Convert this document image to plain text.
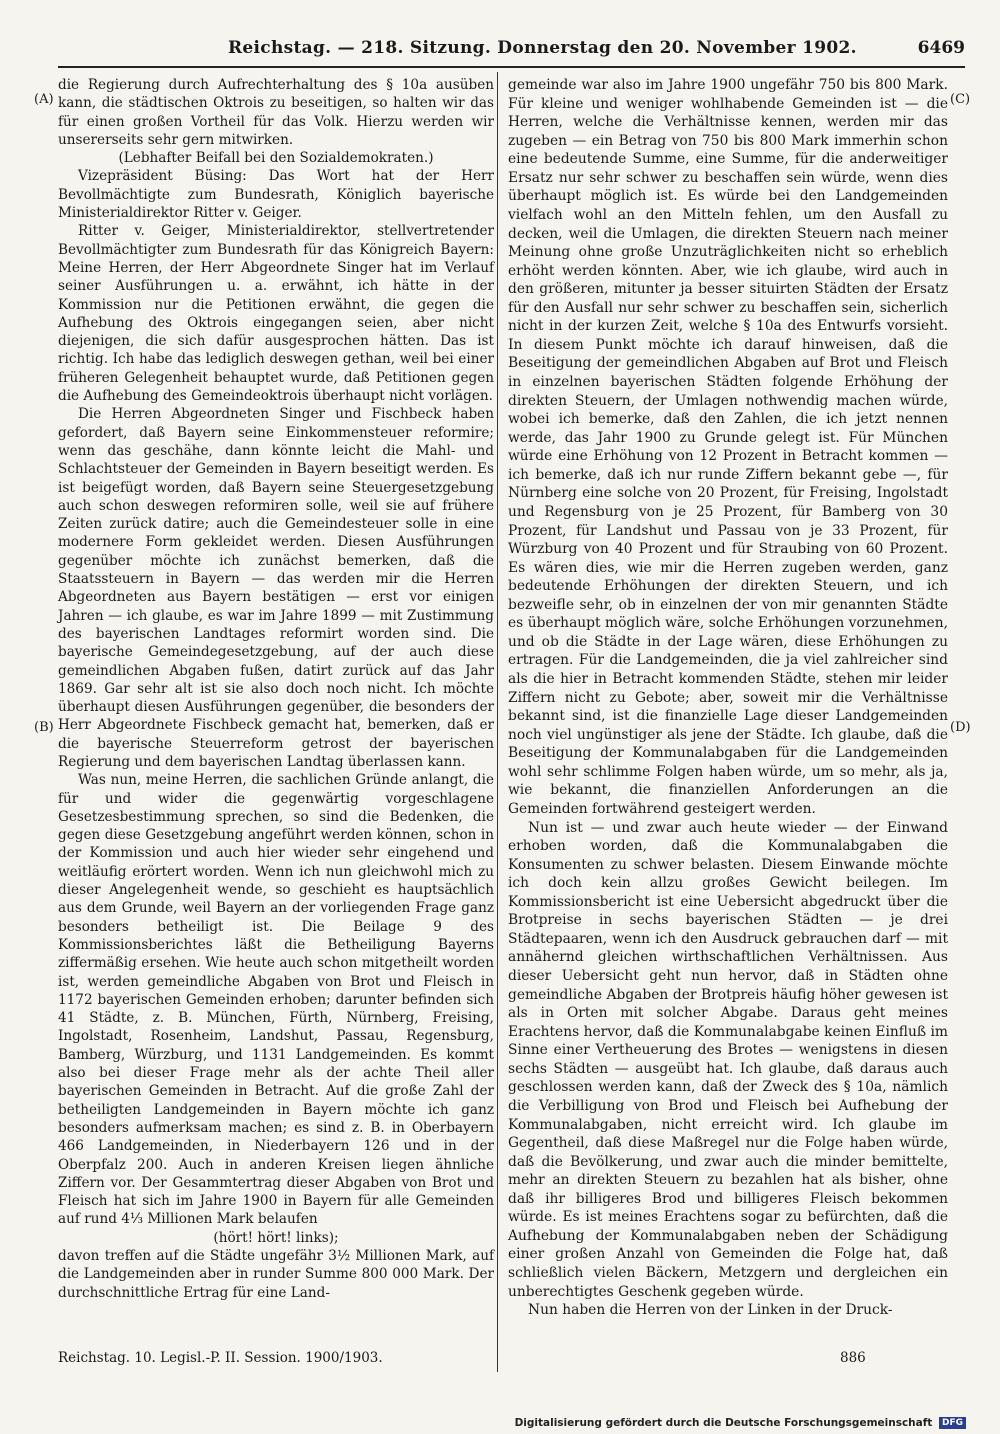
Reichstag. — 218. Sitzung. Donnerstag den 20. November 1902.	6469
(A)
(B)
(C)
(D)

die Regierung durch Aufrechterhaltung des § 10a ausüben kann, die städtischen Oktrois zu beseitigen, so halten wir das für einen großen Vortheil für das Volk. Hierzu werden wir unsererseits sehr gern mitwirken.

(Lebhafter Beifall bei den Sozialdemokraten.)

Vizepräsident Büsing: Das Wort hat der Herr Bevollmächtigte zum Bundesrath, Königlich bayerische Ministerialdirektor Ritter v. Geiger.

Ritter v. Geiger, Ministerialdirektor, stellvertretender Bevollmächtigter zum Bundesrath für das Königreich Bayern: Meine Herren, der Herr Abgeordnete Singer hat im Verlauf seiner Ausführungen u. a. erwähnt, ich hätte in der Kommission nur die Petitionen erwähnt, die gegen die Aufhebung des Oktrois eingegangen seien, aber nicht diejenigen, die sich dafür ausgesprochen hätten. Das ist richtig. Ich habe das lediglich deswegen gethan, weil bei einer früheren Gelegenheit behauptet wurde, daß Petitionen gegen die Aufhebung des Gemeindeoktrois überhaupt nicht vorlägen.

Die Herren Abgeordneten Singer und Fischbeck haben gefordert, daß Bayern seine Einkommensteuer reformire; wenn das geschähe, dann könnte leicht die Mahl- und Schlachtsteuer der Gemeinden in Bayern beseitigt werden. Es ist beigefügt worden, daß Bayern seine Steuergesetzgebung auch schon deswegen reformiren solle, weil sie auf frühere Zeiten zurück datire; auch die Gemeindesteuer solle in eine modernere Form gekleidet werden. Diesen Ausführungen gegenüber möchte ich zunächst bemerken, daß die Staatssteuern in Bayern — das werden mir die Herren Abgeordneten aus Bayern bestätigen — erst vor einigen Jahren — ich glaube, es war im Jahre 1899 — mit Zustimmung des bayerischen Landtages reformirt worden sind. Die bayerische Gemeindegesetzgebung, auf der auch diese gemeindlichen Abgaben fußen, datirt zurück auf das Jahr 1869. Gar sehr alt ist sie also doch noch nicht. Ich möchte überhaupt diesen Ausführungen gegenüber, die besonders der Herr Abgeordnete Fischbeck gemacht hat, bemerken, daß er die bayerische Steuerreform getrost der bayerischen Regierung und dem bayerischen Landtag überlassen kann.

Was nun, meine Herren, die sachlichen Gründe anlangt, die für und wider die gegenwärtig vorgeschlagene Gesetzesbestimmung sprechen, so sind die Bedenken, die gegen diese Gesetzgebung angeführt werden können, schon in der Kommission und auch hier wieder sehr eingehend und weitläufig erörtert worden. Wenn ich nun gleichwohl mich zu dieser Angelegenheit wende, so geschieht es hauptsächlich aus dem Grunde, weil Bayern an der vorliegenden Frage ganz besonders betheiligt ist. Die Beilage 9 des Kommissionsberichtes läßt die Betheiligung Bayerns ziffermäßig ersehen. Wie heute auch schon mitgetheilt worden ist, werden gemeindliche Abgaben von Brot und Fleisch in 1172 bayerischen Gemeinden erhoben; darunter befinden sich 41 Städte, z. B. München, Fürth, Nürnberg, Freising, Ingolstadt, Rosenheim, Landshut, Passau, Regensburg, Bamberg, Würzburg, und 1131 Landgemeinden. Es kommt also bei dieser Frage mehr als der achte Theil aller bayerischen Gemeinden in Betracht. Auf die große Zahl der betheiligten Landgemeinden in Bayern möchte ich ganz besonders aufmerksam machen; es sind z. B. in Oberbayern 466 Landgemeinden, in Niederbayern 126 und in der Oberpfalz 200. Auch in anderen Kreisen liegen ähnliche Ziffern vor. Der Gesammtertrag dieser Abgaben von Brot und Fleisch hat sich im Jahre 1900 in Bayern für alle Gemeinden auf rund 4⅓ Millionen Mark belaufen

(hört! hört! links);

davon treffen auf die Städte ungefähr 3½ Millionen Mark, auf die Landgemeinden aber in runder Summe 800 000 Mark. Der durchschnittliche Ertrag für eine Land-

gemeinde war also im Jahre 1900 ungefähr 750 bis 800 Mark. Für kleine und weniger wohlhabende Gemeinden ist — die Herren, welche die Verhältnisse kennen, werden mir das zugeben — ein Betrag von 750 bis 800 Mark immerhin schon eine bedeutende Summe, eine Summe, für die anderweitiger Ersatz nur sehr schwer zu beschaffen sein würde, wenn dies überhaupt möglich ist. Es würde bei den Landgemeinden vielfach wohl an den Mitteln fehlen, um den Ausfall zu decken, weil die Umlagen, die direkten Steuern nach meiner Meinung ohne große Unzuträglichkeiten nicht so erheblich erhöht werden könnten. Aber, wie ich glaube, wird auch in den größeren, mitunter ja besser situirten Städten der Ersatz für den Ausfall nur sehr schwer zu beschaffen sein, sicherlich nicht in der kurzen Zeit, welche § 10a des Entwurfs vorsieht. In diesem Punkt möchte ich darauf hinweisen, daß die Beseitigung der gemeindlichen Abgaben auf Brot und Fleisch in einzelnen bayerischen Städten folgende Erhöhung der direkten Steuern, der Umlagen nothwendig machen würde, wobei ich bemerke, daß den Zahlen, die ich jetzt nennen werde, das Jahr 1900 zu Grunde gelegt ist. Für München würde eine Erhöhung von 12 Prozent in Betracht kommen — ich bemerke, daß ich nur runde Ziffern bekannt gebe —, für Nürnberg eine solche von 20 Prozent, für Freising, Ingolstadt und Regensburg von je 25 Prozent, für Bamberg von 30 Prozent, für Landshut und Passau von je 33 Prozent, für Würzburg von 40 Prozent und für Straubing von 60 Prozent. Es wären dies, wie mir die Herren zugeben werden, ganz bedeutende Erhöhungen der direkten Steuern, und ich bezweifle sehr, ob in einzelnen der von mir genannten Städte es überhaupt möglich wäre, solche Erhöhungen vorzunehmen, und ob die Städte in der Lage wären, diese Erhöhungen zu ertragen. Für die Landgemeinden, die ja viel zahlreicher sind als die hier in Betracht kommenden Städte, stehen mir leider Ziffern nicht zu Gebote; aber, soweit mir die Verhältnisse bekannt sind, ist die finanzielle Lage dieser Landgemeinden noch viel ungünstiger als jene der Städte. Ich glaube, daß die Beseitigung der Kommunalabgaben für die Landgemeinden wohl sehr schlimme Folgen haben würde, um so mehr, als ja, wie bekannt, die finanziellen Anforderungen an die Gemeinden fortwährend gesteigert werden.

Nun ist — und zwar auch heute wieder — der Einwand erhoben worden, daß die Kommunalabgaben die Konsumenten zu schwer belasten. Diesem Einwande möchte ich doch kein allzu großes Gewicht beilegen. Im Kommissionsbericht ist eine Uebersicht abgedruckt über die Brotpreise in sechs bayerischen Städten — je drei Städtepaaren, wenn ich den Ausdruck gebrauchen darf — mit annähernd gleichen wirthschaftlichen Verhältnissen. Aus dieser Uebersicht geht nun hervor, daß in Städten ohne gemeindliche Abgaben der Brotpreis häufig höher gewesen ist als in Orten mit solcher Abgabe. Daraus geht meines Erachtens hervor, daß die Kommunalabgabe keinen Einfluß im Sinne einer Vertheuerung des Brotes — wenigstens in diesen sechs Städten — ausgeübt hat. Ich glaube, daß daraus auch geschlossen werden kann, daß der Zweck des § 10a, nämlich die Verbilligung von Brod und Fleisch bei Aufhebung der Kommunalabgaben, nicht erreicht wird. Ich glaube im Gegentheil, daß diese Maßregel nur die Folge haben würde, daß die Bevölkerung, und zwar auch die minder bemittelte, mehr an direkten Steuern zu bezahlen hat als bisher, ohne daß ihr billigeres Brod und billigeres Fleisch bekommen würde. Es ist meines Erachtens sogar zu befürchten, daß die Aufhebung der Kommunalabgaben neben der Schädigung einer großen Anzahl von Gemeinden die Folge hat, daß schließlich vielen Bäckern, Metzgern und dergleichen ein unberechtigtes Geschenk gegeben würde.

Nun haben die Herren von der Linken in der Druck-

Reichstag. 10. Legisl.-P. II. Session. 1900/1903.	886
Digitalisierung gefördert durch die Deutsche Forschungsgemeinschaft DFG
